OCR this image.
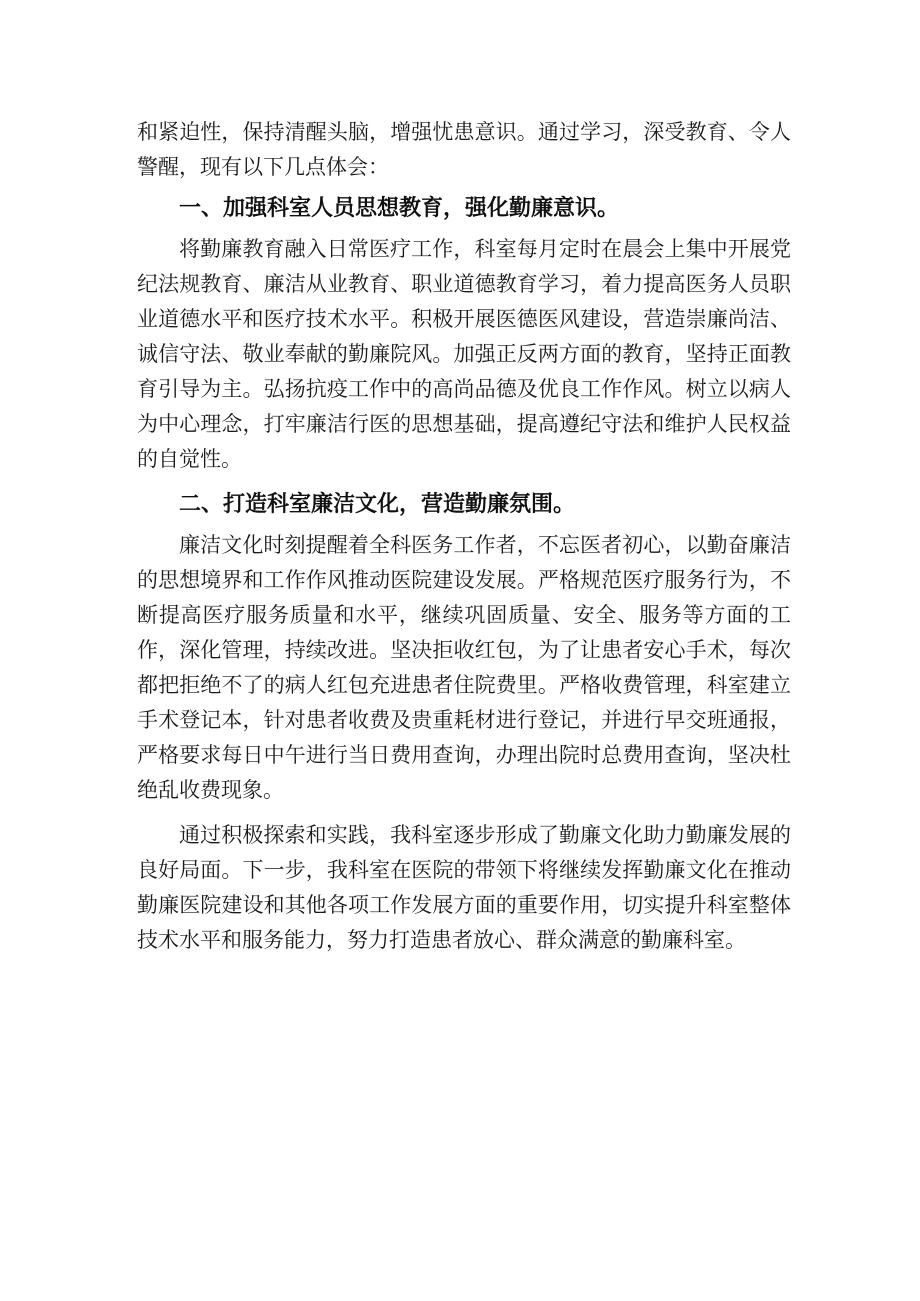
和紧迫性，保持清醒头脑，增强忧患意识。通过学习，深受教育、令人警醒，现有以下几点体会：

一、加强科室人员思想教育，强化勤廉意识。

将勤廉教育融入日常医疗工作，科室每月定时在晨会上集中开展党纪法规教育、廉洁从业教育、职业道德教育学习，着力提高医务人员职业道德水平和医疗技术水平。积极开展医德医风建设，营造崇廉尚洁、诚信守法、敬业奉献的勤廉院风。加强正反两方面的教育，坚持正面教育引导为主。弘扬抗疫工作中的高尚品德及优良工作作风。树立以病人为中心理念，打牢廉洁行医的思想基础，提高遵纪守法和维护人民权益的自觉性。

二、打造科室廉洁文化，营造勤廉氛围。

廉洁文化时刻提醒着全科医务工作者，不忘医者初心，以勤奋廉洁的思想境界和工作作风推动医院建设发展。严格规范医疗服务行为，不断提高医疗服务质量和水平，继续巩固质量、安全、服务等方面的工作，深化管理，持续改进。坚决拒收红包，为了让患者安心手术，每次都把拒绝不了的病人红包充进患者住院费里。严格收费管理，科室建立手术登记本，针对患者收费及贵重耗材进行登记，并进行早交班通报，严格要求每日中午进行当日费用查询，办理出院时总费用查询，坚决杜绝乱收费现象。

通过积极探索和实践，我科室逐步形成了勤廉文化助力勤廉发展的良好局面。下一步，我科室在医院的带领下将继续发挥勤廉文化在推动勤廉医院建设和其他各项工作发展方面的重要作用，切实提升科室整体技术水平和服务能力，努力打造患者放心、群众满意的勤廉科室。
